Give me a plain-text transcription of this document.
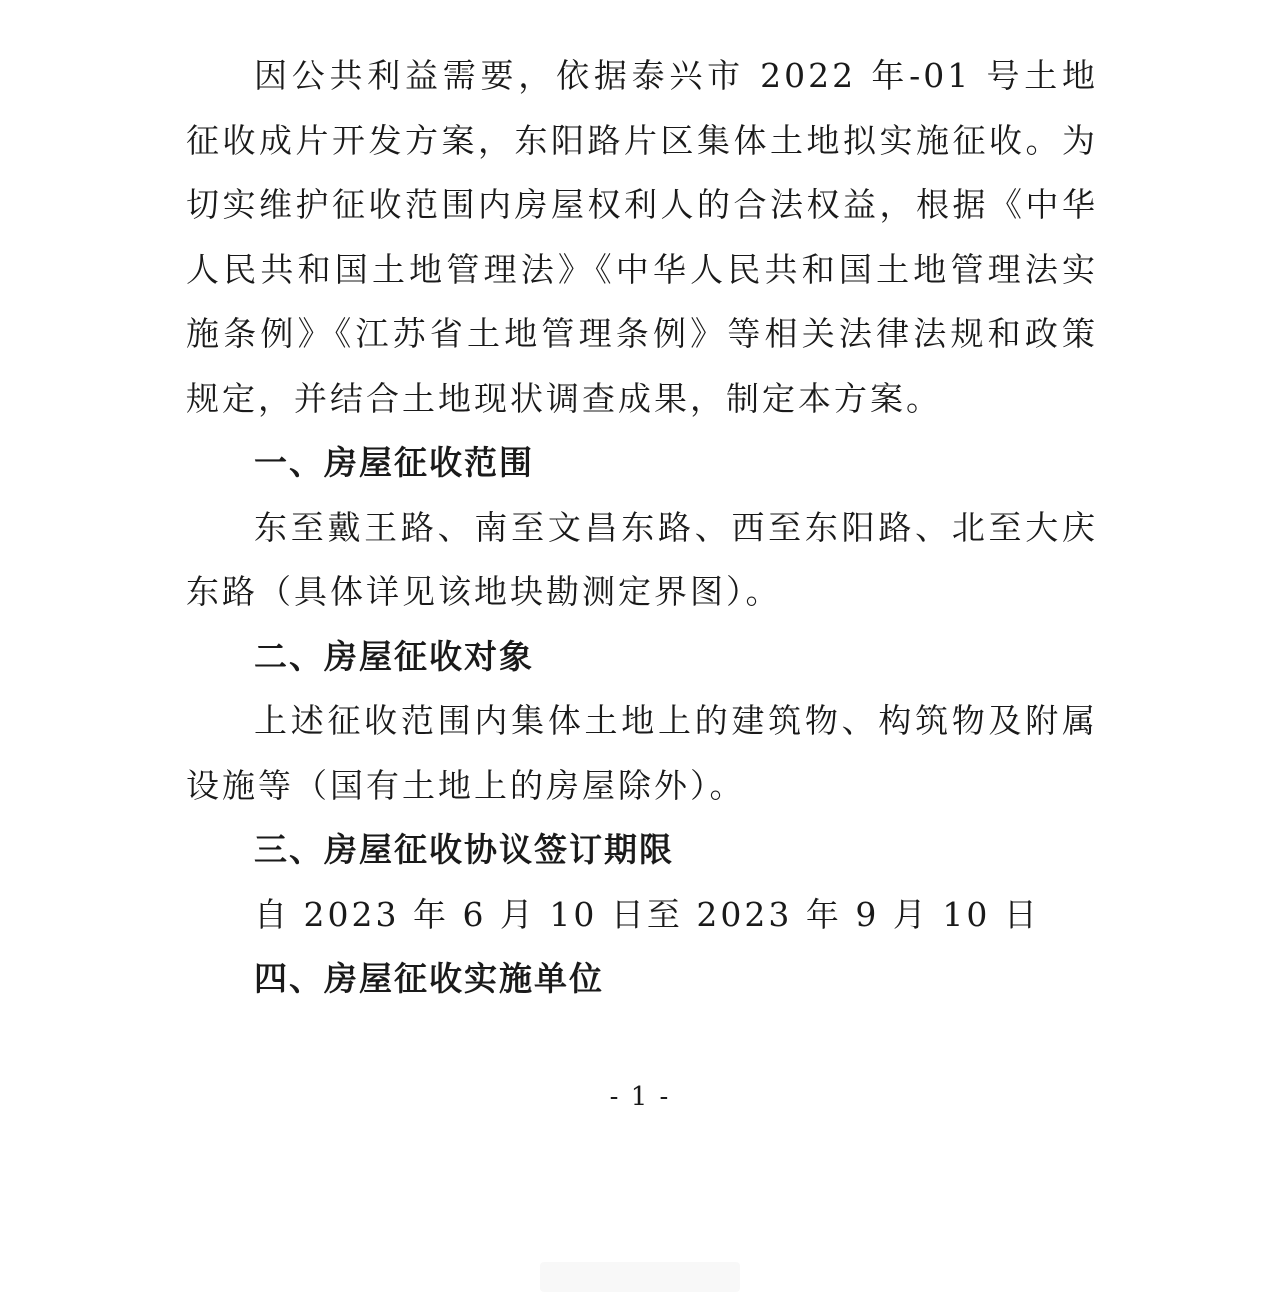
因公共利益需要，依据泰兴市 2022 年-01 号土地征收成片开发方案，东阳路片区集体土地拟实施征收。为切实维护征收范围内房屋权利人的合法权益，根据《中华人民共和国土地管理法》《中华人民共和国土地管理法实施条例》《江苏省土地管理条例》等相关法律法规和政策规定，并结合土地现状调查成果，制定本方案。

一、房屋征收范围

东至戴王路、南至文昌东路、西至东阳路、北至大庆东路（具体详见该地块勘测定界图）。

二、房屋征收对象

上述征收范围内集体土地上的建筑物、构筑物及附属设施等（国有土地上的房屋除外）。

三、房屋征收协议签订期限

自 2023 年 6 月 10 日至 2023 年 9 月 10 日

四、房屋征收实施单位

- 1 -
